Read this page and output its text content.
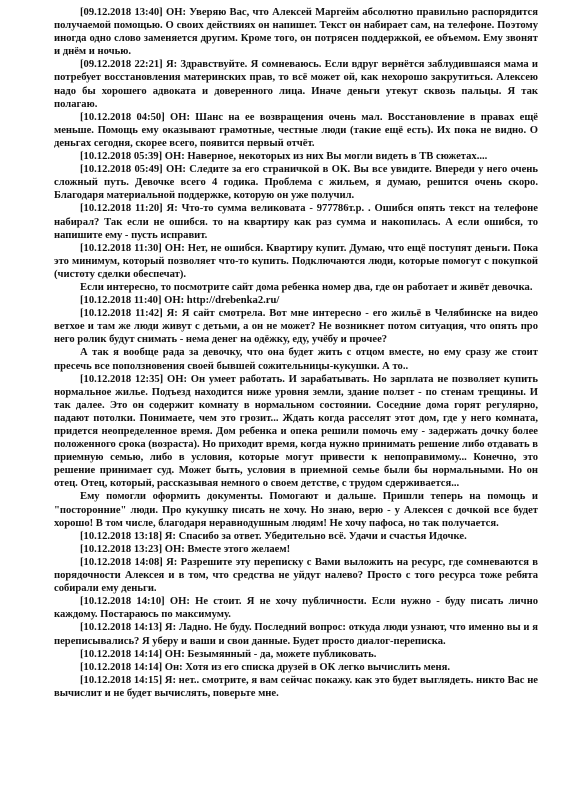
[09.12.2018 13:40] ОН: Уверяю Вас, что Алексей Маргейм абсолютно правильно распорядится получаемой помощью. О своих действиях он напишет. Текст он набирает сам, на телефоне. Поэтому иногда одно слово заменяется другим. Кроме того, он потрясен поддержкой, ее объемом. Ему звонят и днём и ночью.

[09.12.2018 22:21] Я: Здравствуйте. Я сомневаюсь. Если вдруг вернётся заблудившаяся мама и потребует восстановления материнских прав, то всё может ой, как нехорошо закрутиться. Алексею надо бы хорошего адвоката и доверенного лица. Иначе деньги утекут сквозь пальцы. Я так полагаю.

[10.12.2018 04:50] ОН: Шанс на ее возвращения очень мал. Восстановление в правах ещё меньше. Помощь ему оказывают грамотные, честные люди (такие ещё есть). Их пока не видно. О деньгах сегодня, скорее всего, появится первый отчёт.

[10.12.2018 05:39] ОН: Наверное, некоторых из них Вы могли видеть в ТВ сюжетах....

[10.12.2018 05:49] ОН: Следите за его страничкой в ОК. Вы все увидите. Впереди у него очень сложный путь. Девочке всего 4 годика. Проблема с жильем, я думаю, решится очень скоро. Благодаря материальной поддержке, которую он уже получил.

[10.12.2018 11:20] Я: Что-то сумма великовата - 977786т.р. . Ошибся опять текст на телефоне набирал? Так если не ошибся. то на квартиру как раз сумма и накопилась. А если ошибся, то напишите ему - пусть исправит.

[10.12.2018 11:30] ОН: Нет, не ошибся. Квартиру купит. Думаю, что ещё поступят деньги. Пока это минимум, который позволяет что-то купить. Подключаются люди, которые помогут с покупкой (чистоту сделки обеспечат).

Если интересно, то посмотрите сайт дома ребенка номер два, где он работает и живёт девочка.

[10.12.2018 11:40] ОН: http://drebenka2.ru/

[10.12.2018 11:42] Я: Я сайт смотрела. Вот мне интересно - его жильё в Челябинске на видео ветхое и там же люди живут с детьми, а он не может? Не возникнет потом ситуация, что опять про него ролик будут снимать - нема денег на одёжку, еду, учёбу и прочее?

А так я вообще рада за девочку, что она будет жить с отцом вместе, но ему сразу же стоит пресечь все поползновения своей бывшей сожительницы-кукушки. А то..

[10.12.2018 12:35] ОН: Он умеет работать. И зарабатывать. Но зарплата не позволяет купить нормальное жилье. Подъезд находится ниже уровня земли, здание ползет - по стенам трещины. И так далее. Это он содержит комнату в нормальном состоянии. Соседние дома горят регулярно, падают потолки. Понимаете, чем это грозит... Ждать когда расселят этот дом, где у него комната, придется неопределенное время. Дом ребенка и опека решили помочь ему - задержать дочку более положенного срока (возраста). Но приходит время, когда нужно принимать решение либо отдавать в приемную семью, либо в условия, которые могут привести к непоправимому... Конечно, это решение принимает суд. Может быть, условия в приемной семье были бы нормальными. Но он отец. Отец, который, рассказывая немного о своем детстве, с трудом сдерживается...

Ему помогли оформить документы. Помогают и дальше. Пришли теперь на помощь и "посторонние" люди. Про кукушку писать не хочу. Но знаю, верю - у Алексея с дочкой все будет хорошо! В том числе, благодаря неравнодушным людям! Не хочу пафоса, но так получается.

[10.12.2018 13:18] Я: Спасибо за ответ. Убедительно всё. Удачи и счастья Идочке.

[10.12.2018 13:23] ОН: Вместе этого желаем!

[10.12.2018 14:08] Я: Разрешите эту переписку с Вами выложить на ресурс, где сомневаются в порядочности Алексея и в том, что средства не уйдут налево? Просто с того ресурса тоже ребята собирали ему деньги.

[10.12.2018 14:10] ОН: Не стоит. Я не хочу публичности. Если нужно - буду писать лично каждому. Постараюсь по максимуму.

[10.12.2018 14:13] Я: Ладно. Не буду. Последний вопрос: откуда люди узнают, что именно вы и я переписывались? Я уберу и ваши и свои данные. Будет просто диалог-переписка.

[10.12.2018 14:14] ОН: Безымянный - да, можете публиковать.

[10.12.2018 14:14] Он: Хотя из его списка друзей в ОК легко вычислить меня.

[10.12.2018 14:15] Я: нет.. смотрите, я вам сейчас покажу. как это будет выглядеть. никто Вас не вычислит и не будет вычислять, поверьте мне.
